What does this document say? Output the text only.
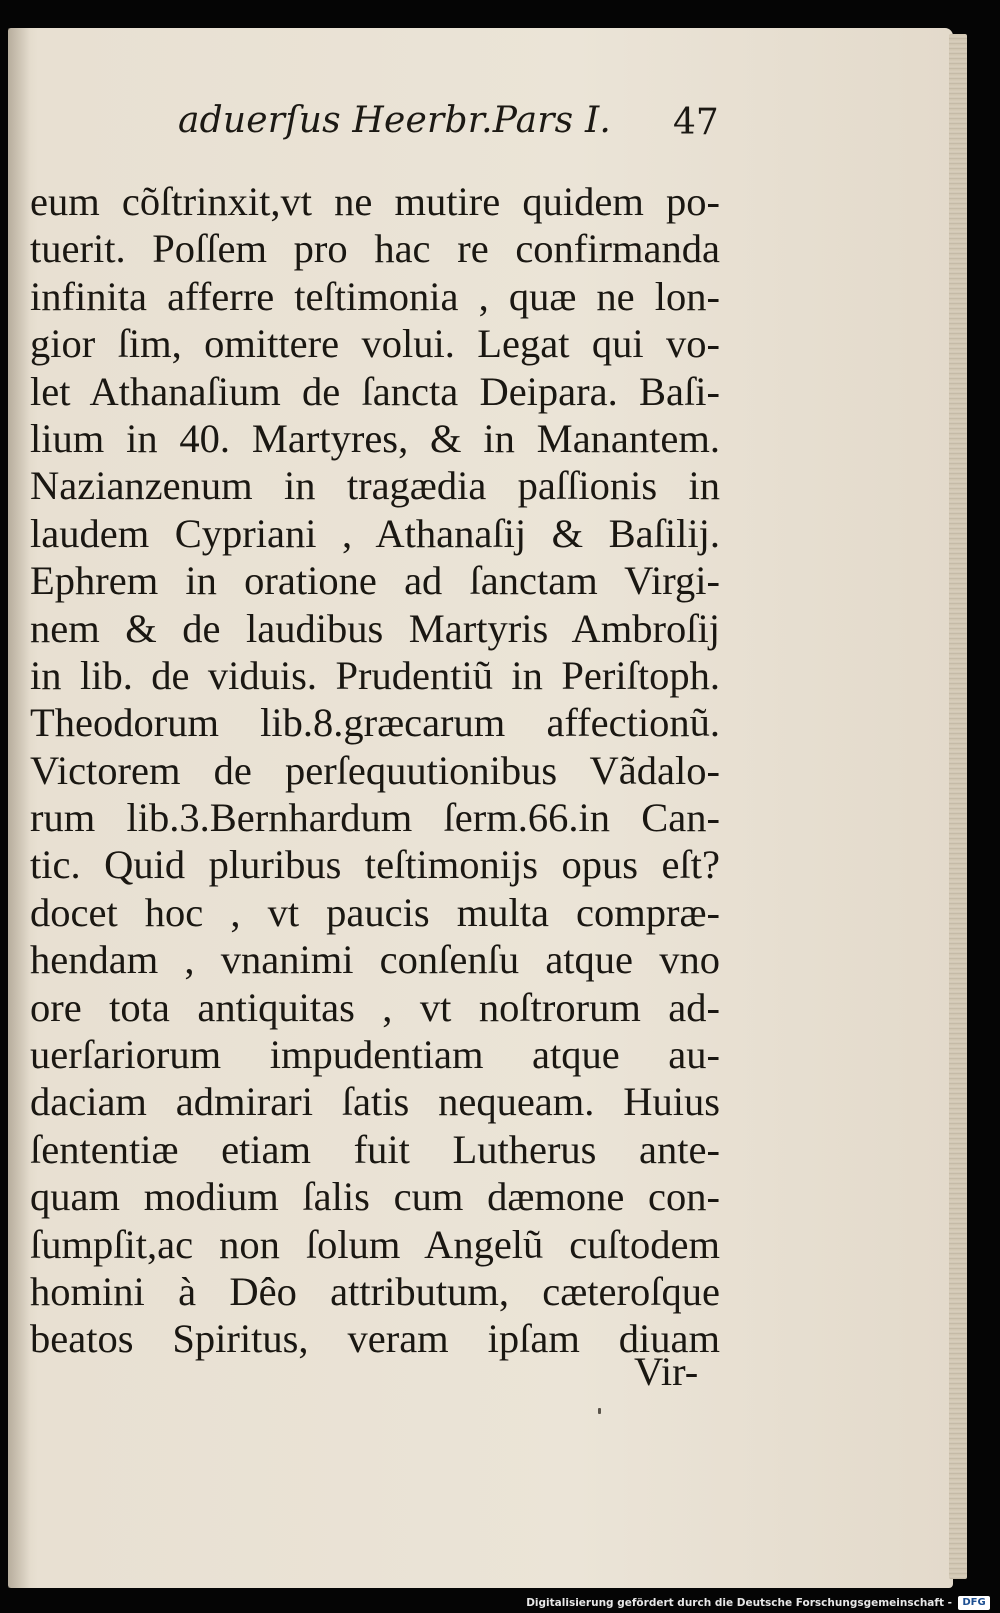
aduerſus Heerbr.Pars I. 47
eum cõſtrinxit,vt ne mutire quidem po-
tuerit. Poſſem pro hac re confirmanda
infinita afferre teſtimonia , quæ ne lon-
gior ſim, omittere volui. Legat qui vo-
let Athanaſium de ſancta Deipara. Baſi-
lium in 40. Martyres, & in Manantem.
Nazianzenum in tragædia paſſionis in
laudem Cypriani , Athanaſij & Baſilij.
Ephrem in oratione ad ſanctam Virgi-
nem & de laudibus Martyris Ambroſij
in lib. de viduis. Prudentiũ in Periſtoph.
Theodorum lib.8.græcarum affectionũ.
Victorem de perſequutionibus Vãdalo-
rum lib.3.Bernhardum ſerm.66.in Can-
tic. Quid pluribus teſtimonijs opus eſt?
docet hoc , vt paucis multa compræ-
hendam , vnanimi conſenſu atque vno
ore tota antiquitas , vt noſtrorum ad-
uerſariorum impudentiam atque au-
daciam admirari ſatis nequeam. Huius
ſententiæ etiam fuit Lutherus ante-
quam modium ſalis cum dæmone con-
ſumpſit,ac non ſolum Angelũ cuſtodem
homini à Dêo attributum, cæteroſque
beatos Spiritus, veram ipſam diuam
Vir-
Digitalisierung gefördert durch die Deutsche Forschungsgemeinschaft -	DFG
